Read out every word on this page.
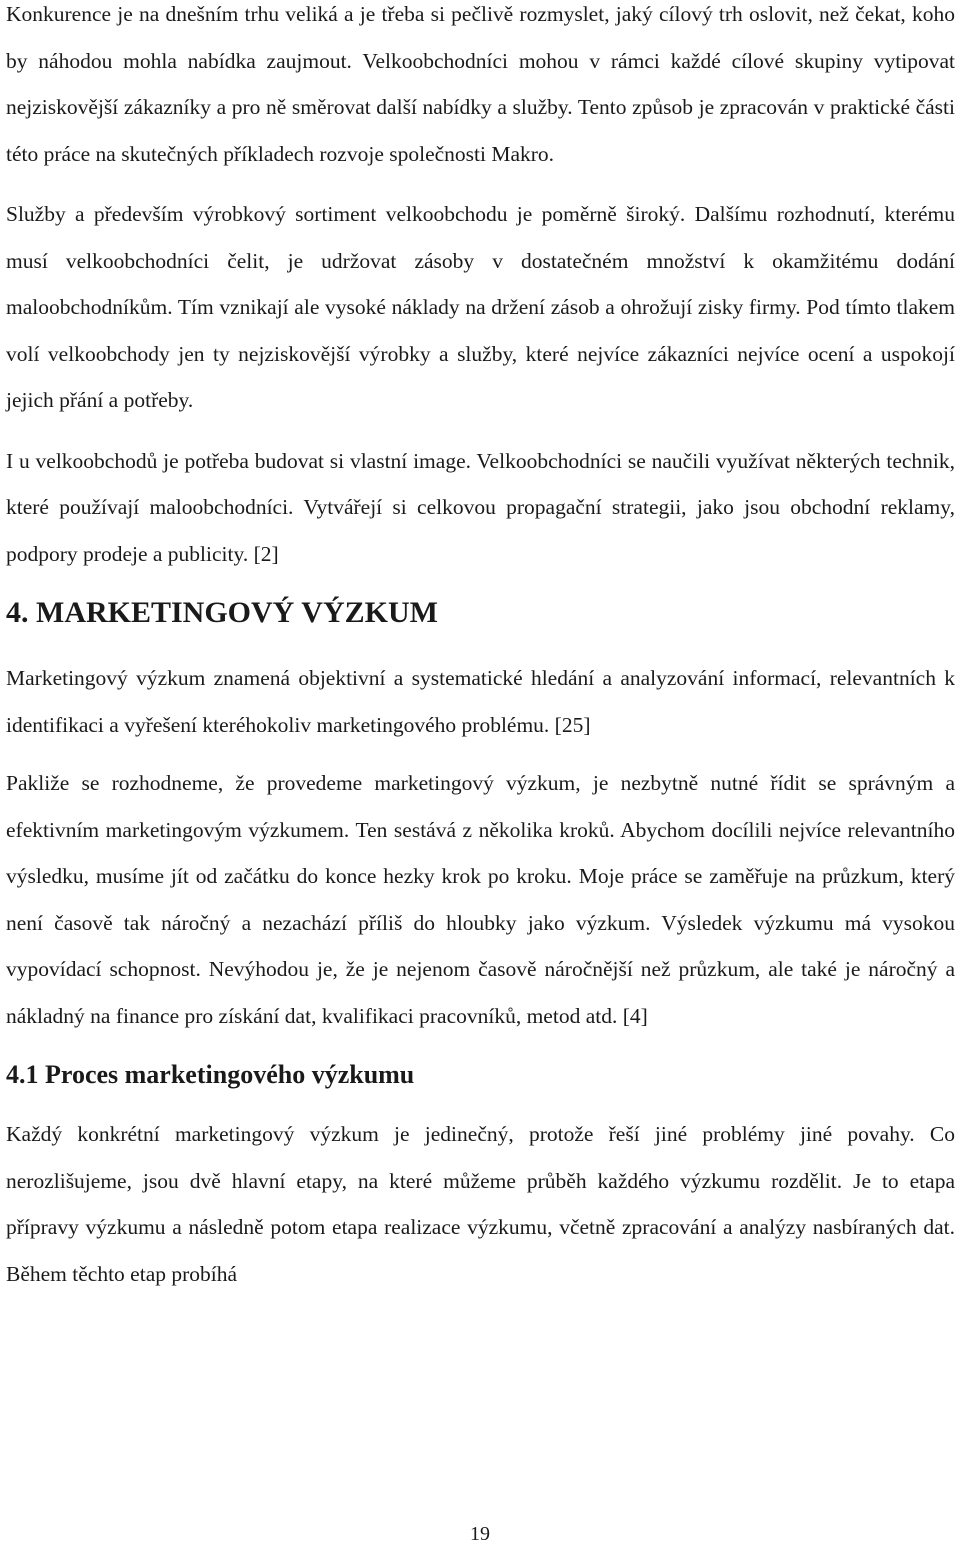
Konkurence je na dnešním trhu veliká a je třeba si pečlivě rozmyslet, jaký cílový trh oslovit, než čekat, koho by náhodou mohla nabídka zaujmout. Velkoobchodníci mohou v rámci každé cílové skupiny vytipovat nejziskovější zákazníky a pro ně směrovat další nabídky a služby. Tento způsob je zpracován v praktické části této práce na skutečných příkladech rozvoje společnosti Makro.

Služby a především výrobkový sortiment velkoobchodu je poměrně široký. Dalšímu rozhodnutí, kterému musí velkoobchodníci čelit, je udržovat zásoby v dostatečném množství k okamžitému dodání maloobchodníkům. Tím vznikají ale vysoké náklady na držení zásob a ohrožují zisky firmy. Pod tímto tlakem volí velkoobchody jen ty nejziskovější výrobky a služby, které nejvíce zákazníci nejvíce ocení a uspokojí jejich přání a potřeby.

I u velkoobchodů je potřeba budovat si vlastní image. Velkoobchodníci se naučili využívat některých technik, které používají maloobchodníci. Vytvářejí si celkovou propagační strategii, jako jsou obchodní reklamy, podpory prodeje a publicity. [2]

4. MARKETINGOVÝ VÝZKUM

Marketingový výzkum znamená objektivní a systematické hledání a analyzování informací, relevantních k identifikaci a vyřešení kteréhokoliv marketingového problému. [25]

Pakliže se rozhodneme, že provedeme marketingový výzkum, je nezbytně nutné řídit se správným a efektivním marketingovým výzkumem. Ten sestává z několika kroků. Abychom docílili nejvíce relevantního výsledku, musíme jít od začátku do konce hezky krok po kroku. Moje práce se zaměřuje na průzkum, který není časově tak náročný a nezachází příliš do hloubky jako výzkum. Výsledek výzkumu má vysokou vypovídací schopnost. Nevýhodou je, že je nejenom časově náročnější než průzkum, ale také je náročný a nákladný na finance pro získání dat, kvalifikaci pracovníků, metod atd. [4]

4.1 Proces marketingového výzkumu

Každý konkrétní marketingový výzkum je jedinečný, protože řeší jiné problémy jiné povahy. Co nerozlišujeme, jsou dvě hlavní etapy, na které můžeme průběh každého výzkumu rozdělit. Je to etapa přípravy výzkumu a následně potom etapa realizace výzkumu, včetně zpracování a analýzy nasbíraných dat. Během těchto etap probíhá

19
